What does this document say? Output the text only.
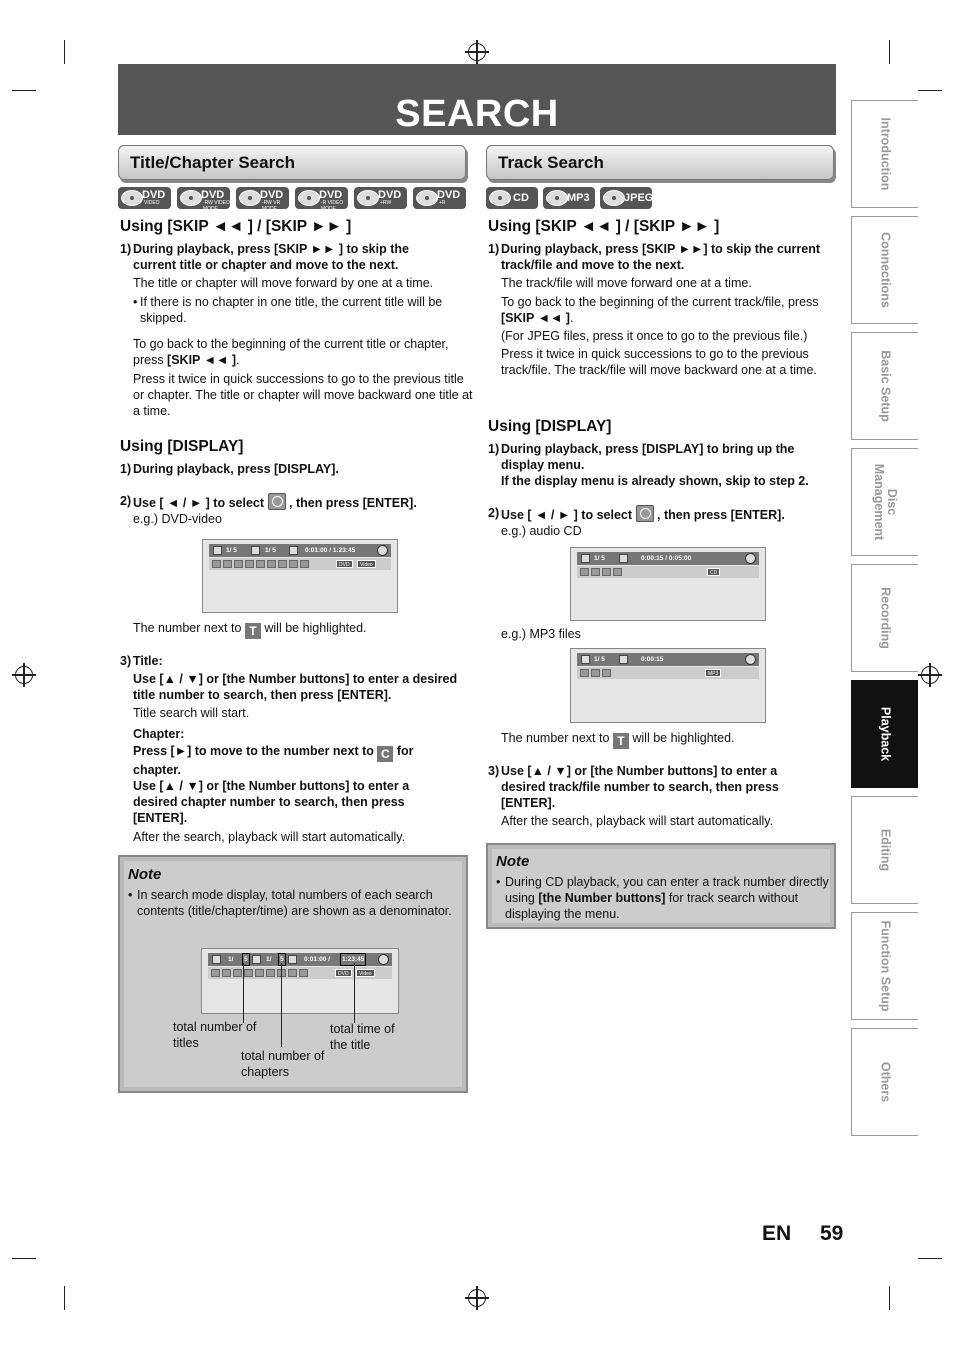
SEARCH
Title/Chapter Search
DVD
VIDEO
DVD
-RW VIDEO MODE
DVD
-RW VR MODE
DVD
-R VIDEO MODE
DVD
+RW
DVD
+R
Using [SKIP ◄◄ ] / [SKIP ►► ]
1) During playback, press [SKIP ►► ] to skip the current title or chapter and move to the next.
The title or chapter will move forward by one at a time.
• If there is no chapter in one title, the current title will be skipped.
To go back to the beginning of the current title or chapter, press [SKIP ◄◄ ].
Press it twice in quick successions to go to the previous title or chapter. The title or chapter will move backward one title at a time.
Using [DISPLAY]
1) During playback, press [DISPLAY].
2) Use [ ◄ / ► ] to select , then press [ENTER].
e.g.) DVD-video
1/ 5	1/ 5	0:01:00 / 1:23:45
DVD	Video
The number next to T will be highlighted.
3) Title:
Use [▲ / ▼] or [the Number buttons] to enter a desired title number to search, then press [ENTER].
Title search will start.
Chapter:
Press [►] to move to the number next to C for chapter.
Use [▲ / ▼] or [the Number buttons] to enter a desired chapter number to search, then press [ENTER].
After the search, playback will start automatically.
Note
• In search mode display, total numbers of each search contents (title/chapter/time) are shown as a denominator.
1/	5	1/	5	0:01:00 /	1:23:45
DVD	Video
total number of titles
total number of chapters
total time of the title
Track Search
CD	MP3	JPEG
Using [SKIP ◄◄ ] / [SKIP ►► ]
1) During playback, press [SKIP ►►] to skip the current track/file and move to the next.
The track/file will move forward one at a time.
To go back to the beginning of the current track/file, press [SKIP ◄◄ ].
(For JPEG files, press it once to go to the previous file.)
Press it twice in quick successions to go to the previous track/file. The track/file will move backward one at a time.
Using [DISPLAY]
1) During playback, press [DISPLAY] to bring up the display menu.
If the display menu is already shown, skip to step 2.
2) Use [ ◄ / ► ] to select , then press [ENTER].
e.g.) audio CD
1/ 5	0:00:15 / 0:05:00
CD
e.g.) MP3 files
1/ 5	0:00:15
MP3
The number next to T will be highlighted.
3) Use [▲ / ▼] or [the Number buttons] to enter a desired track/file number to search, then press [ENTER].
After the search, playback will start automatically.
Note
• During CD playback, you can enter a track number directly using [the Number buttons] for track search without displaying the menu.
Introduction
Connections
Basic Setup
Disc Management
Recording
Playback
Editing
Function Setup
Others
EN 59
